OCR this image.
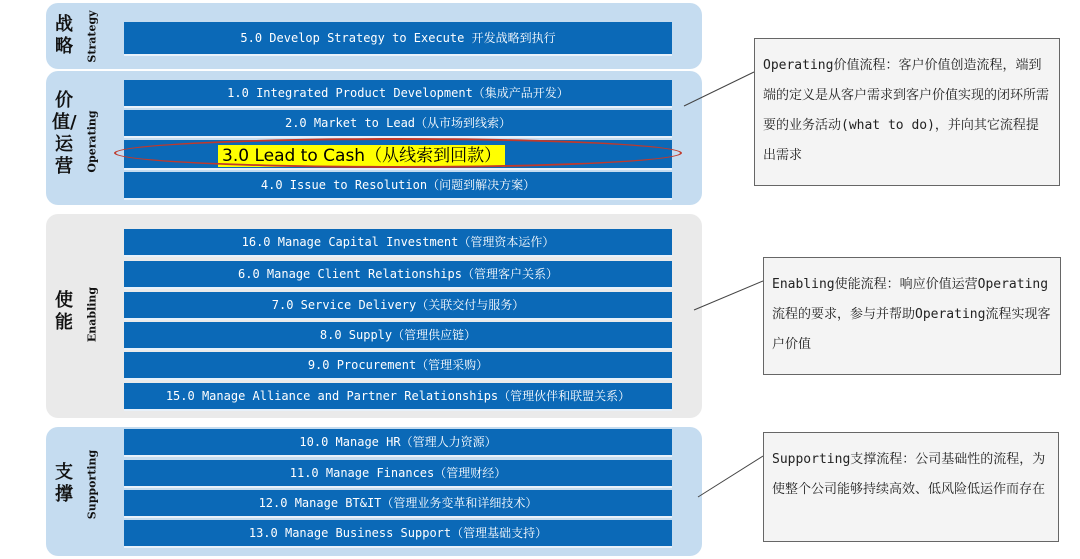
战略 Strategy	5.0 Develop Strategy to Execute 开发战略到执行
价值/运营 Operating
1.0 Integrated Product Development（集成产品开发）
2.0 Market to Lead（从市场到线索）
3.0 Lead to Cash（从线索到回款）
4.0 Issue to Resolution（问题到解决方案）
使能 Enabling
16.0 Manage Capital Investment（管理资本运作）
6.0 Manage Client Relationships（管理客户关系）
7.0 Service Delivery（关联交付与服务）
8.0 Supply（管理供应链）
9.0 Procurement（管理采购）
15.0 Manage Alliance and Partner Relationships（管理伙伴和联盟关系）
支撑 Supporting
10.0 Manage HR（管理人力资源）
11.0 Manage Finances（管理财经）
12.0 Manage BT&IT（管理业务变革和详细技术）
13.0 Manage Business Support（管理基础支持）
Operating价值流程：客户价值创造流程，端到端的定义是从客户需求到客户价值实现的闭环所需要的业务活动(what to do)，并向其它流程提出需求
Enabling使能流程：响应价值运营Operating流程的要求，参与并帮助Operating流程实现客户价值
Supporting支撑流程：公司基础性的流程，为使整个公司能够持续高效、低风险低运作而存在
